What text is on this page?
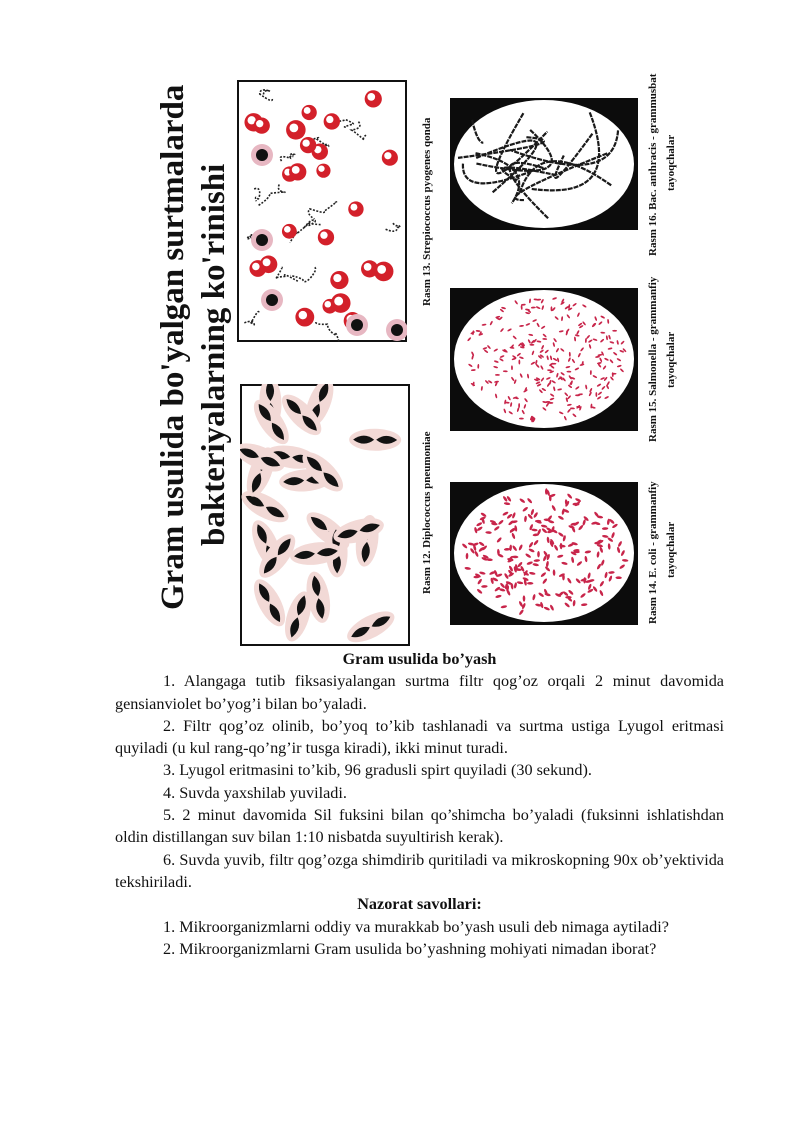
Gram usulida bo'yalgan surtmalarda bakteriyalarning ko'rinishi	Rasm 13. Strepiococcus pyogenes qonda
Rasm 12. Diplococcus pneumoniae
Rasm 16. Bac. anthracis - grammusbat tayoqchalar
Rasm 15. Salmonella - grammanfiy tayoqchalar
Rasm 14. E. coli - grammanfiy tayoqchalar
Gram usulida bo’yash

1. Alangaga tutib fiksasiyalangan surtma filtr qog’oz orqali 2 minut davomida gensianviolet bo’yog’i bilan bo’yaladi.

2. Filtr qog’oz olinib, bo’yoq to’kib tashlanadi va surtma ustiga Lyugol eritmasi quyiladi (u kul rang-qo’ng’ir tusga kiradi), ikki minut turadi.

3. Lyugol eritmasini to’kib, 96 gradusli spirt quyiladi (30 sekund).

4. Suvda yaxshilab yuviladi.

5. 2 minut davomida Sil fuksini bilan qo’shimcha bo’yaladi (fuksinni ishlatishdan oldin distillangan suv bilan 1:10 nisbatda suyultirish kerak).

6. Suvda yuvib, filtr qog’ozga shimdirib quritiladi va mikroskopning 90x ob’yektivida tekshiriladi.

Nazorat savollari:

1. Mikroorganizmlarni oddiy va murakkab bo’yash usuli deb nimaga aytiladi?

2. Mikroorganizmlarni Gram usulida bo’yashning mohiyati nimadan iborat?
